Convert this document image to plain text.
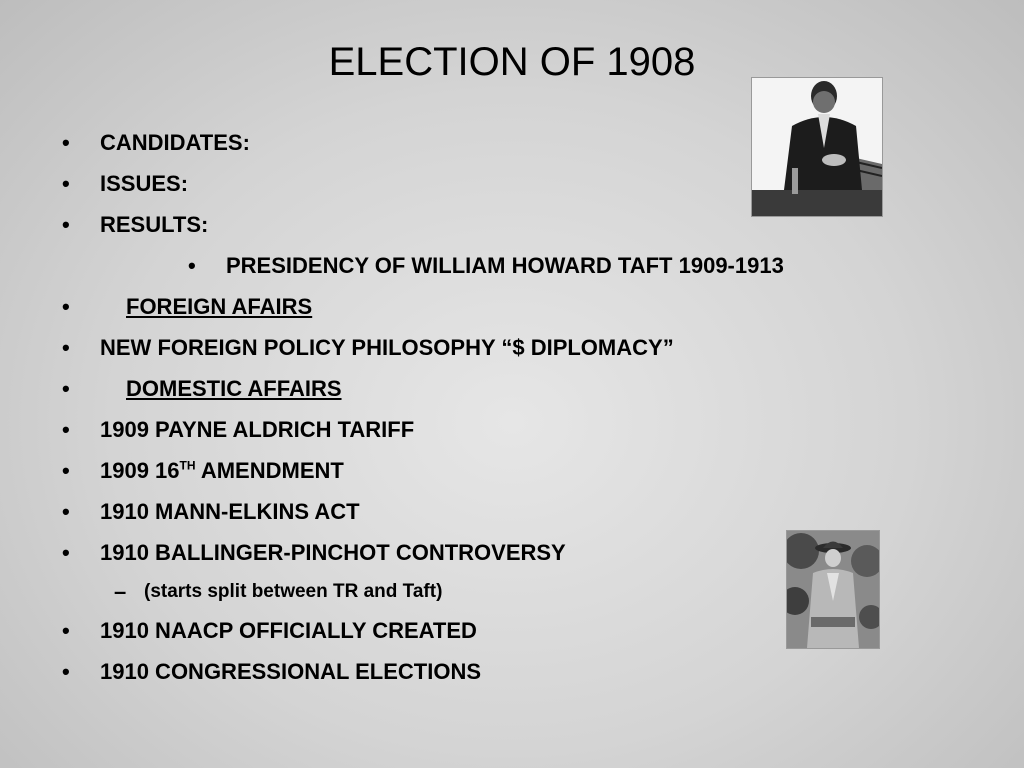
ELECTION OF 1908
• CANDIDATES:
• ISSUES:
• RESULTS:
• PRESIDENCY OF WILLIAM HOWARD TAFT 1909-1913
•	FOREIGN AFAIRS
• NEW FOREIGN POLICY PHILOSOPHY “$ DIPLOMACY”
•	DOMESTIC AFFAIRS
• 1909 PAYNE ALDRICH TARIFF
• 1909 16TH AMENDMENT
• 1910 MANN-ELKINS ACT
• 1910 BALLINGER-PINCHOT CONTROVERSY
– (starts split between TR and Taft)
• 1910 NAACP OFFICIALLY CREATED
• 1910 CONGRESSIONAL ELECTIONS
